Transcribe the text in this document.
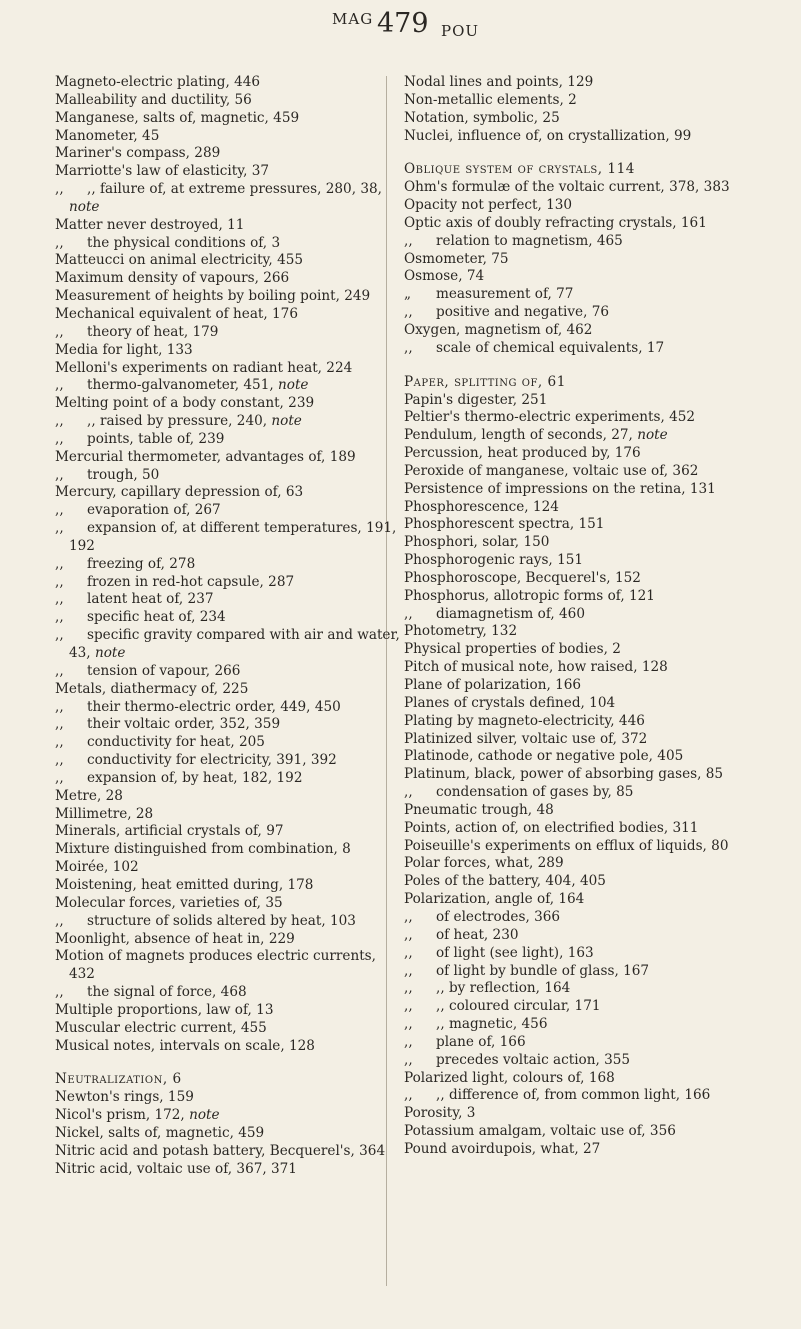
MAG 479 POU
Magneto-electric plating, 446
Malleability and ductility, 56
Manganese, salts of, magnetic, 459
Manometer, 45
Mariner's compass, 289
Marriotte's law of elasticity, 37
,, ,, failure of, at extreme pressures, 280, 38, note
Matter never destroyed, 11
,, the physical conditions of, 3
Matteucci on animal electricity, 455
Maximum density of vapours, 266
Measurement of heights by boiling point, 249
Mechanical equivalent of heat, 176
,, theory of heat, 179
Media for light, 133
Melloni's experiments on radiant heat, 224
,, thermo-galvanometer, 451, note
Melting point of a body constant, 239
,, ,, raised by pressure, 240, note
,, points, table of, 239
Mercurial thermometer, advantages of, 189
,, trough, 50
Mercury, capillary depression of, 63
,, evaporation of, 267
,, expansion of, at different temperatures, 191, 192
,, freezing of, 278
,, frozen in red-hot capsule, 287
,, latent heat of, 237
,, specific heat of, 234
,, specific gravity compared with air and water, 43, note
,, tension of vapour, 266
Metals, diathermacy of, 225
,, their thermo-electric order, 449, 450
,, their voltaic order, 352, 359
,, conductivity for heat, 205
,, conductivity for electricity, 391, 392
,, expansion of, by heat, 182, 192
Metre, 28
Millimetre, 28
Minerals, artificial crystals of, 97
Mixture distinguished from combination, 8
Moirée, 102
Moistening, heat emitted during, 178
Molecular forces, varieties of, 35
,, structure of solids altered by heat, 103
Moonlight, absence of heat in, 229
Motion of magnets produces electric currents, 432
,, the signal of force, 468
Multiple proportions, law of, 13
Muscular electric current, 455
Musical notes, intervals on scale, 128
Neutralization, 6
Newton's rings, 159
Nicol's prism, 172, note
Nickel, salts of, magnetic, 459
Nitric acid and potash battery, Becquerel's, 364
Nitric acid, voltaic use of, 367, 371
Nodal lines and points, 129
Non-metallic elements, 2
Notation, symbolic, 25
Nuclei, influence of, on crystallization, 99
Oblique system of crystals, 114
Ohm's formulæ of the voltaic current, 378, 383
Opacity not perfect, 130
Optic axis of doubly refracting crystals, 161
,, relation to magnetism, 465
Osmometer, 75
Osmose, 74
„ measurement of, 77
,, positive and negative, 76
Oxygen, magnetism of, 462
,, scale of chemical equivalents, 17
Paper, splitting of, 61
Papin's digester, 251
Peltier's thermo-electric experiments, 452
Pendulum, length of seconds, 27, note
Percussion, heat produced by, 176
Peroxide of manganese, voltaic use of, 362
Persistence of impressions on the retina, 131
Phosphorescence, 124
Phosphorescent spectra, 151
Phosphori, solar, 150
Phosphorogenic rays, 151
Phosphoroscope, Becquerel's, 152
Phosphorus, allotropic forms of, 121
,, diamagnetism of, 460
Photometry, 132
Physical properties of bodies, 2
Pitch of musical note, how raised, 128
Plane of polarization, 166
Planes of crystals defined, 104
Plating by magneto-electricity, 446
Platinized silver, voltaic use of, 372
Platinode, cathode or negative pole, 405
Platinum, black, power of absorbing gases, 85
,, condensation of gases by, 85
Pneumatic trough, 48
Points, action of, on electrified bodies, 311
Poiseuille's experiments on efflux of liquids, 80
Polar forces, what, 289
Poles of the battery, 404, 405
Polarization, angle of, 164
,, of electrodes, 366
,, of heat, 230
,, of light (see light), 163
,, of light by bundle of glass, 167
,, ,, by reflection, 164
,, ,, coloured circular, 171
,, ,, magnetic, 456
,, plane of, 166
,, precedes voltaic action, 355
Polarized light, colours of, 168
,, ,, difference of, from common light, 166
Porosity, 3
Potassium amalgam, voltaic use of, 356
Pound avoirdupois, what, 27
